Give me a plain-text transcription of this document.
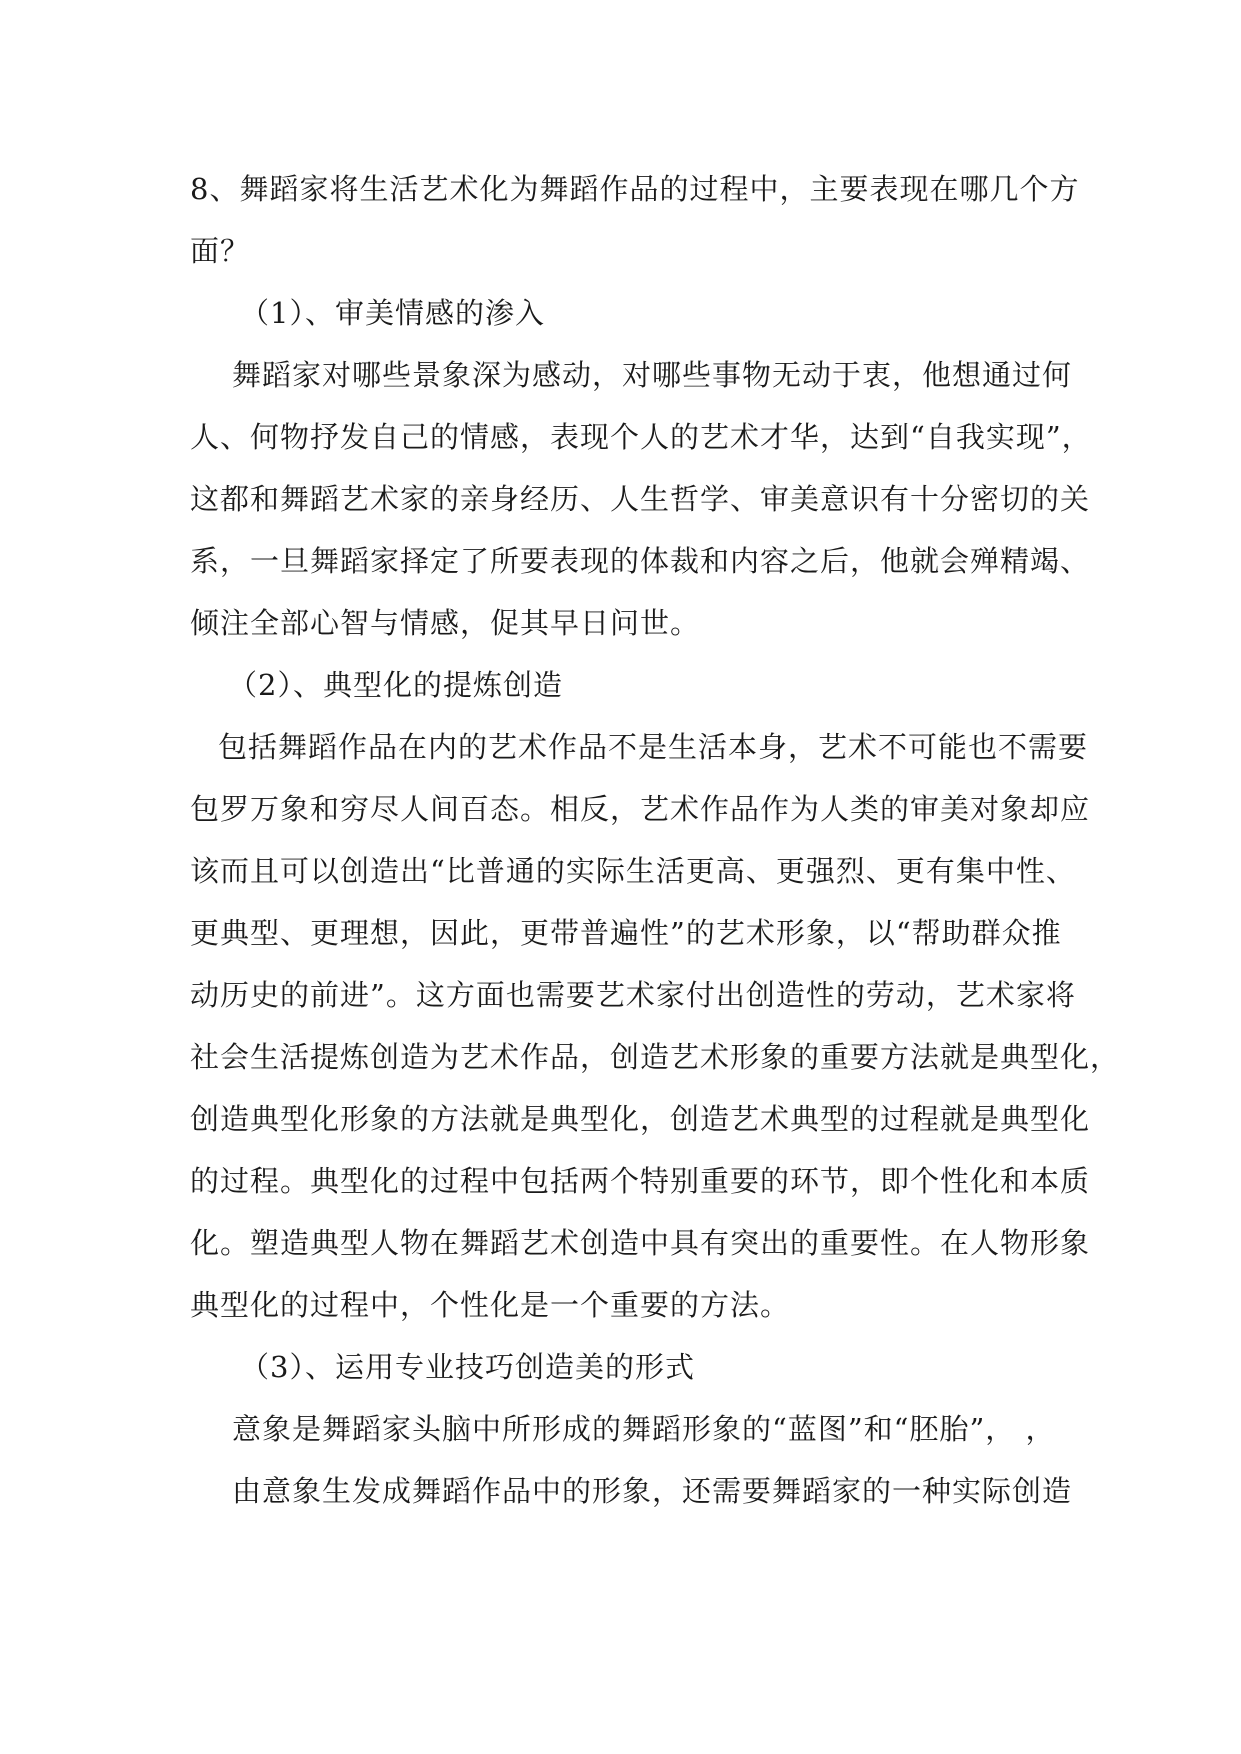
8、舞蹈家将生活艺术化为舞蹈作品的过程中，主要表现在哪几个方
面？
（1）、审美情感的渗入
舞蹈家对哪些景象深为感动，对哪些事物无动于衷，他想通过何
人、何物抒发自己的情感，表现个人的艺术才华，达到“自我实现”，
这都和舞蹈艺术家的亲身经历、人生哲学、审美意识有十分密切的关
系，一旦舞蹈家择定了所要表现的体裁和内容之后，他就会殚精竭、
倾注全部心智与情感，促其早日问世。
（2）、典型化的提炼创造
包括舞蹈作品在内的艺术作品不是生活本身，艺术不可能也不需要
包罗万象和穷尽人间百态。相反，艺术作品作为人类的审美对象却应
该而且可以创造出“比普通的实际生活更高、更强烈、更有集中性、
更典型、更理想，因此，更带普遍性”的艺术形象，以“帮助群众推
动历史的前进”。这方面也需要艺术家付出创造性的劳动，艺术家将
社会生活提炼创造为艺术作品，创造艺术形象的重要方法就是典型化，
创造典型化形象的方法就是典型化，创造艺术典型的过程就是典型化
的过程。典型化的过程中包括两个特别重要的环节，即个性化和本质
化。塑造典型人物在舞蹈艺术创造中具有突出的重要性。在人物形象
典型化的过程中，个性化是一个重要的方法。
（3）、运用专业技巧创造美的形式
意象是舞蹈家头脑中所形成的舞蹈形象的“蓝图”和“胚胎”， ，
由意象生发成舞蹈作品中的形象，还需要舞蹈家的一种实际创造
